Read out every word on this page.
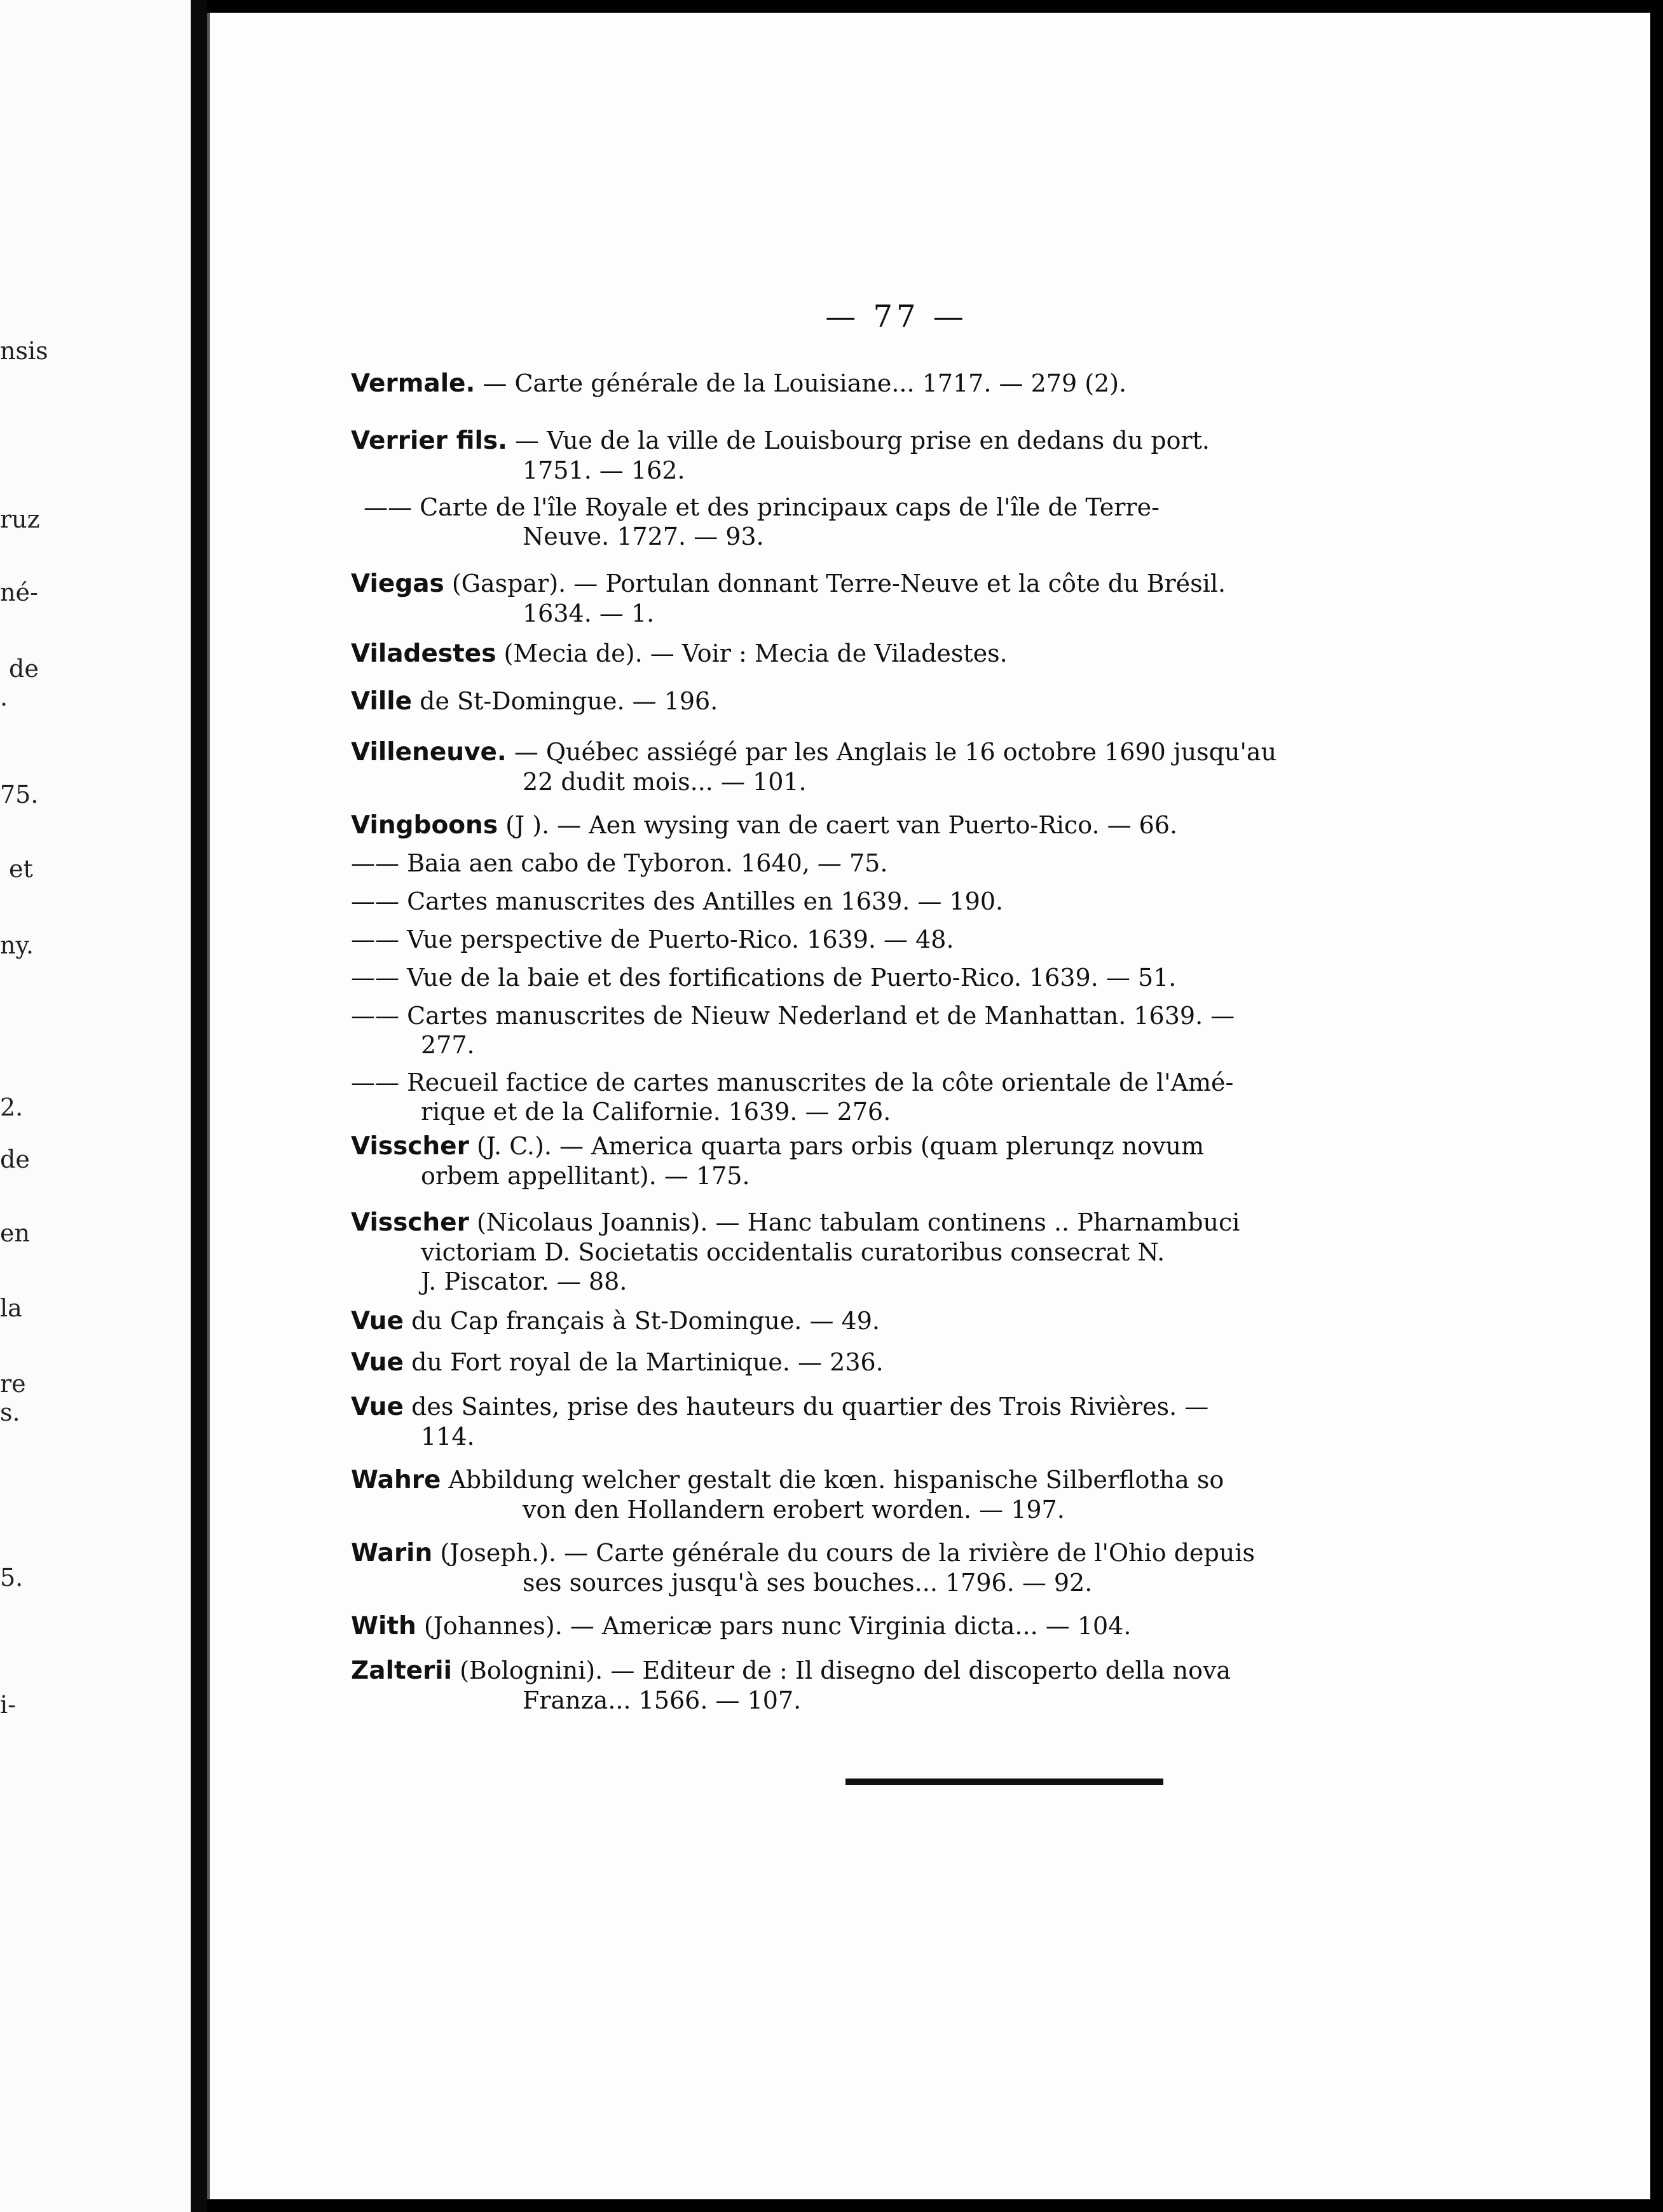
nsis
ruz
né-
de
.
75.
et
ny.
2.
de
en
la
re
s.
5.
i-
— 77 —
Vermale. — Carte générale de la Louisiane... 1717. — 279 (2).
Verrier fils. — Vue de la ville de Louisbourg prise en dedans du port.
1751. — 162.
—— Carte de l'île Royale et des principaux caps de l'île de Terre-
Neuve. 1727. — 93.
Viegas (Gaspar). — Portulan donnant Terre-Neuve et la côte du Brésil.
1634. — 1.
Viladestes (Mecia de). — Voir : Mecia de Viladestes.
Ville de St-Domingue. — 196.
Villeneuve. — Québec assiégé par les Anglais le 16 octobre 1690 jusqu'au
22 dudit mois... — 101.
Vingboons (J ). — Aen wysing van de caert van Puerto-Rico. — 66.
—— Baia aen cabo de Tyboron. 1640, — 75.
—— Cartes manuscrites des Antilles en 1639. — 190.
—— Vue perspective de Puerto-Rico. 1639. — 48.
—— Vue de la baie et des fortifications de Puerto-Rico. 1639. — 51.
—— Cartes manuscrites de Nieuw Nederland et de Manhattan. 1639. —
277.
—— Recueil factice de cartes manuscrites de la côte orientale de l'Amé-
rique et de la Californie. 1639. — 276.
Visscher (J. C.). — America quarta pars orbis (quam plerunqz novum
orbem appellitant). — 175.
Visscher (Nicolaus Joannis). — Hanc tabulam continens .. Pharnambuci
victoriam D. Societatis occidentalis curatoribus consecrat N.
J. Piscator. — 88.
Vue du Cap français à St-Domingue. — 49.
Vue du Fort royal de la Martinique. — 236.
Vue des Saintes, prise des hauteurs du quartier des Trois Rivières. —
114.
Wahre Abbildung welcher gestalt die kœn. hispanische Silberflotha so
von den Hollandern erobert worden. — 197.
Warin (Joseph.). — Carte générale du cours de la rivière de l'Ohio depuis
ses sources jusqu'à ses bouches... 1796. — 92.
With (Johannes). — Americæ pars nunc Virginia dicta... — 104.
Zalterii (Bolognini). — Editeur de : Il disegno del discoperto della nova
Franza... 1566. — 107.
